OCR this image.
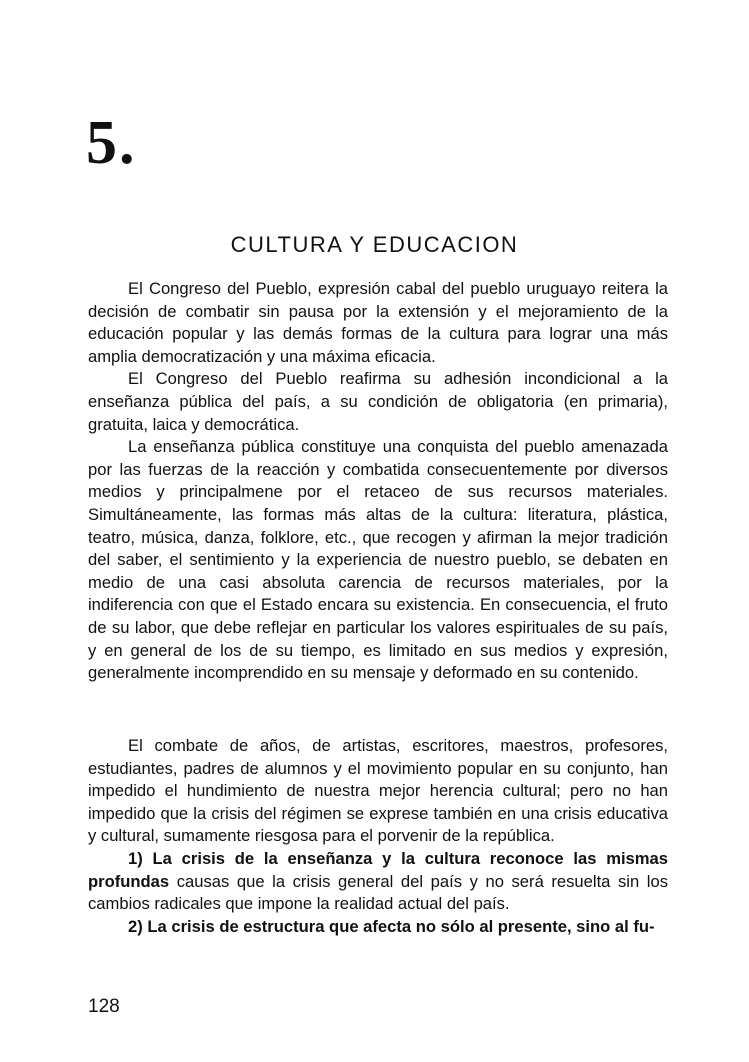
5.
CULTURA Y EDUCACION

El Congreso del Pueblo, expresión cabal del pueblo uruguayo reitera la decisión de combatir sin pausa por la extensión y el mejoramiento de la educación popular y las demás formas de la cultura para lograr una más amplia democratización y una máxima eficacia.

El Congreso del Pueblo reafirma su adhesión incondicional a la enseñanza pública del país, a su condición de obligatoria (en primaria), gratuita, laica y democrática.

La enseñanza pública constituye una conquista del pueblo amenazada por las fuerzas de la reacción y combatida consecuentemente por diversos medios y principalmene por el retaceo de sus recursos materiales. Simultáneamente, las formas más altas de la cultura: literatura, plástica, teatro, música, danza, folklore, etc., que recogen y afirman la mejor tradición del saber, el sentimiento y la experiencia de nuestro pueblo, se debaten en medio de una casi absoluta carencia de recursos materiales, por la indiferencia con que el Estado encara su existencia. En consecuencia, el fruto de su labor, que debe reflejar en particular los valores espirituales de su país, y en general de los de su tiempo, es limitado en sus medios y expresión, generalmente incomprendido en su mensaje y deformado en su contenido.

El combate de años, de artistas, escritores, maestros, profesores, estudiantes, padres de alumnos y el movimiento popular en su conjunto, han impedido el hundimiento de nuestra mejor herencia cultural; pero no han impedido que la crisis del régimen se exprese también en una crisis educativa y cultural, sumamente riesgosa para el porvenir de la república.

1) La crisis de la enseñanza y la cultura reconoce las mismas profundas causas que la crisis general del país y no será resuelta sin los cambios radicales que impone la realidad actual del país.

2) La crisis de estructura que afecta no sólo al presente, sino al fu-

128
